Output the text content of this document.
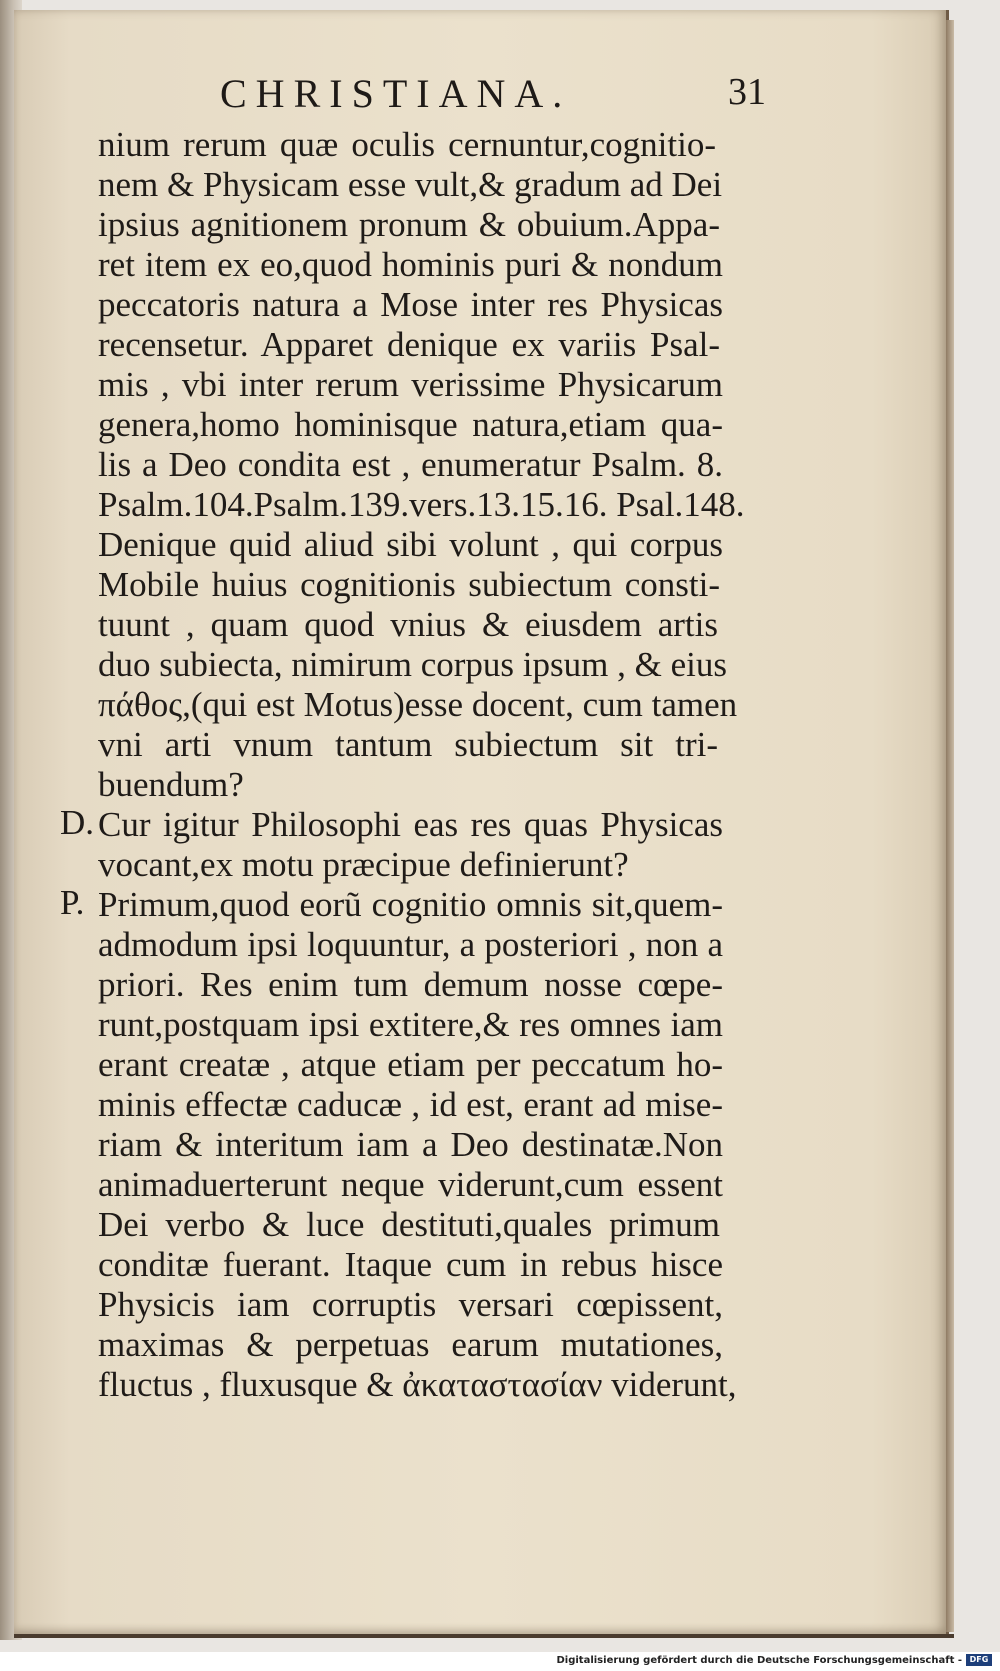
CHRISTIANA.	31
nium rerum quæ oculis cernuntur,cognitio-
nem & Physicam esse vult,& gradum ad Dei
ipsius agnitionem pronum & obuium.Appa-
ret item ex eo,quod hominis puri & nondum
peccatoris natura a Mose inter res Physicas
recensetur. Apparet denique ex variis Psal-
mis , vbi inter rerum verissime Physicarum
genera,homo hominisque natura,etiam qua-
lis a Deo condita est , enumeratur Psalm. 8.
Psalm.104.Psalm.139.vers.13.15.16. Psal.148.
Denique quid aliud sibi volunt , qui corpus
Mobile huius cognitionis subiectum consti-
tuunt , quam quod vnius & eiusdem artis
duo subiecta, nimirum corpus ipsum , & eius
πάθος,(qui est Motus)esse docent, cum tamen
vni arti vnum tantum subiectum sit tri-
buendum?
Cur igitur Philosophi eas res quas Physicas
vocant,ex motu præcipue definierunt?
Primum,quod eorũ cognitio omnis sit,quem-
admodum ipsi loquuntur, a posteriori , non a
priori. Res enim tum demum nosse cœpe-
runt,postquam ipsi extitere,& res omnes iam
erant creatæ , atque etiam per peccatum ho-
minis effectæ caducæ , id est, erant ad mise-
riam & interitum iam a Deo destinatæ.Non
animaduerterunt neque viderunt,cum essent
Dei verbo & luce destituti,quales primum
conditæ fuerant. Itaque cum in rebus hisce
Physicis iam corruptis versari cœpissent,
maximas & perpetuas earum mutationes,
fluctus , fluxusque & ἀκαταστασίαν viderunt,
D.
P.
Digitalisierung gefördert durch die Deutsche Forschungsgemeinschaft - DFG
